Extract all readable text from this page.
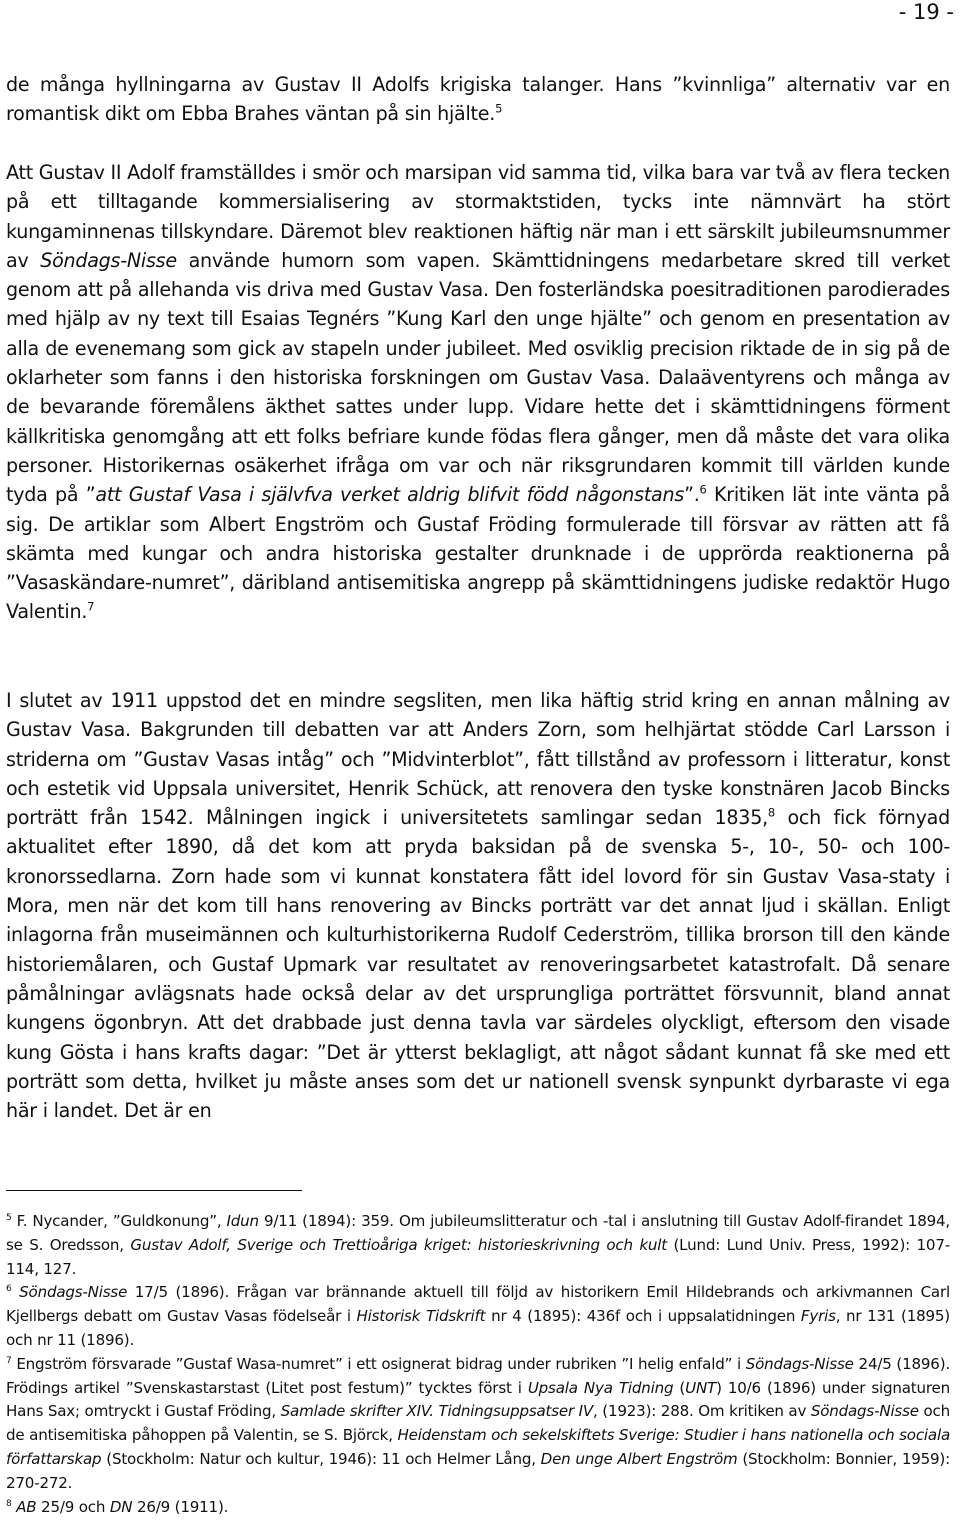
- 19 -

de många hyllningarna av Gustav II Adolfs krigiska talanger. Hans ”kvinnliga” alternativ var en romantisk dikt om Ebba Brahes väntan på sin hjälte.$^5$

Att Gustav II Adolf framställdes i smör och marsipan vid samma tid, vilka bara var två av flera tecken på ett tilltagande kommersialisering av stormaktstiden, tycks inte nämnvärt ha stört kungaminnenas tillskyndare. Däremot blev reaktionen häftig när man i ett särskilt jubileumsnummer av Söndags-Nisse använde humorn som vapen. Skämttidningens medarbetare skred till verket genom att på allehanda vis driva med Gustav Vasa. Den fosterländska poesitraditionen parodierades med hjälp av ny text till Esaias Tegnérs ”Kung Karl den unge hjälte” och genom en presentation av alla de evenemang som gick av stapeln under jubileet. Med osviklig precision riktade de in sig på de oklarheter som fanns i den historiska forskningen om Gustav Vasa. Dalaäventyrens och många av de bevarande föremålens äkthet sattes under lupp. Vidare hette det i skämttidningens förment källkritiska genomgång att ett folks befriare kunde födas flera gånger, men då måste det vara olika personer. Historikernas osäkerhet ifråga om var och när riksgrundaren kommit till världen kunde tyda på ”att Gustaf Vasa i självfva verket aldrig blifvit född någonstans”.$^6$ Kritiken lät inte vänta på sig. De artiklar som Albert Engström och Gustaf Fröding formulerade till försvar av rätten att få skämta med kungar och andra historiska gestalter drunknade i de upprörda reaktionerna på ”Vasaskändare-numret”, däribland antisemitiska angrepp på skämttidningens judiske redaktör Hugo Valentin.$^7$

I slutet av 1911 uppstod det en mindre segsliten, men lika häftig strid kring en annan målning av Gustav Vasa. Bakgrunden till debatten var att Anders Zorn, som helhjärtat stödde Carl Larsson i striderna om ”Gustav Vasas intåg” och ”Midvinterblot”, fått tillstånd av professorn i litteratur, konst och estetik vid Uppsala universitet, Henrik Schück, att renovera den tyske konstnären Jacob Bincks porträtt från 1542. Målningen ingick i universitetets samlingar sedan 1835,$^8$ och fick förnyad aktualitet efter 1890, då det kom att pryda baksidan på de svenska 5-, 10-, 50- och 100-kronorssedlarna. Zorn hade som vi kunnat konstatera fått idel lovord för sin Gustav Vasa-staty i Mora, men när det kom till hans renovering av Bincks porträtt var det annat ljud i skällan. Enligt inlagorna från museimännen och kulturhistorikerna Rudolf Cederström, tillika brorson till den kände historiemålaren, och Gustaf Upmark var resultatet av renoveringsarbetet katastrofalt. Då senare påmålningar avlägsnats hade också delar av det ursprungliga porträttet försvunnit, bland annat kungens ögonbryn. Att det drabbade just denna tavla var särdeles olyckligt, eftersom den visade kung Gösta i hans krafts dagar: ”Det är ytterst beklagligt, att något sådant kunnat få ske med ett porträtt som detta, hvilket ju måste anses som det ur nationell svensk synpunkt dyrbaraste vi ega här i landet. Det är en

$^5$ F. Nycander, ”Guldkonung”, Idun 9/11 (1894): 359. Om jubileumslitteratur och -tal i anslutning till Gustav Adolf-firandet 1894, se S. Oredsson, Gustav Adolf, Sverige och Trettioåriga kriget: historieskrivning och kult (Lund: Lund Univ. Press, 1992): 107-114, 127.

$^6$ Söndags-Nisse 17/5 (1896). Frågan var brännande aktuell till följd av historikern Emil Hildebrands och arkivmannen Carl Kjellbergs debatt om Gustav Vasas födelseår i Historisk Tidskrift nr 4 (1895): 436f och i uppsalatidningen Fyris, nr 131 (1895) och nr 11 (1896).

$^7$ Engström försvarade ”Gustaf Wasa-numret” i ett osignerat bidrag under rubriken ”I helig enfald” i Söndags-Nisse 24/5 (1896). Frödings artikel ”Svenskastarstast (Litet post festum)” tycktes först i Upsala Nya Tidning (UNT) 10/6 (1896) under signaturen Hans Sax; omtryckt i Gustaf Fröding, Samlade skrifter XIV. Tidningsuppsatser IV, (1923): 288. Om kritiken av Söndags-Nisse och de antisemitiska påhoppen på Valentin, se S. Björck, Heidenstam och sekelskiftets Sverige: Studier i hans nationella och sociala författarskap (Stockholm: Natur och kultur, 1946): 11 och Helmer Lång, Den unge Albert Engström (Stockholm: Bonnier, 1959): 270-272.

$^8$ AB 25/9 och DN 26/9 (1911).
